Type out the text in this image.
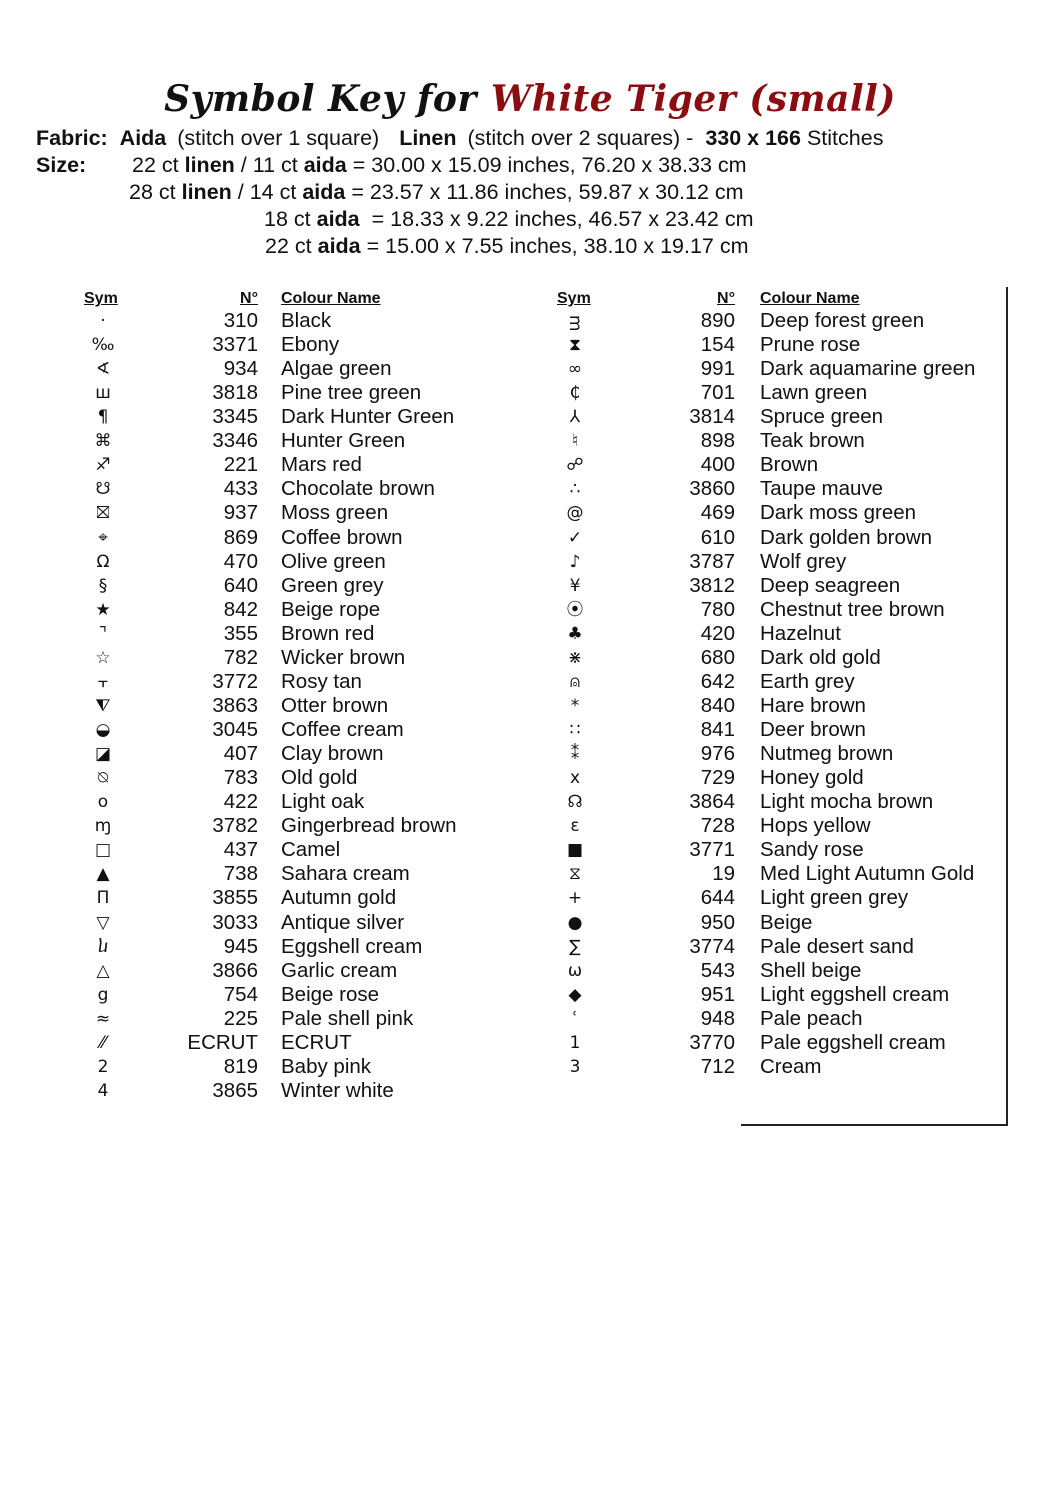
Symbol Key for White Tiger (small)
Fabric: Aida (stitch over 1 square) Linen (stitch over 2 squares) - 330 x 166 Stitches
Size: 22 ct linen / 11 ct aida = 30.00 x 15.09 inches, 76.20 x 38.33 cm
28 ct linen / 14 ct aida = 23.57 x 11.86 inches, 59.87 x 30.12 cm
18 ct aida  = 18.33 x 9.22 inches, 46.57 x 23.42 cm
22 ct aida = 15.00 x 7.55 inches, 38.10 x 19.17 cm
Sym	N° Colour Name	Sym	N° Colour Name
·	310 Black
‰	3371 Ebony
∢	934 Algae green
ш	3818 Pine tree green
¶	3345 Dark Hunter Green
⌘	3346 Hunter Green
♐	221 Mars red
☋	433 Chocolate brown
⛝	937 Moss green
⌖	869 Coffee brown
Ω	470 Olive green
§	640 Green grey
★	842 Beige rope
⌝	355 Brown red
☆	782 Wicker brown
⫟	3772 Rosy tan
⧨	3863 Otter brown
◒	3045 Coffee cream
◪	407 Clay brown
⍉	783 Old gold
o	422 Light oak
ɱ	3782 Gingerbread brown
□	437 Camel
▲	738 Sahara cream
Π	3855 Autumn gold
▽	3033 Antique silver
ⴑ	945 Eggshell cream
△	3866 Garlic cream
g	754 Beige rose
≈	225 Pale shell pink
⁄⁄	ECRUT ECRUT
2	819 Baby pink
4	3865 Winter white
ᴟ	890 Deep forest green
⧗	154 Prune rose
∞	991 Dark aquamarine green
₵	701 Lawn green
⅄	3814 Spruce green
♮	898 Teak brown
☍	400 Brown
∴	3860 Taupe mauve
@	469 Dark moss green
✓	610 Dark golden brown
♪	3787 Wolf grey
¥	3812 Deep seagreen
⦿	780 Chestnut tree brown
♣	420 Hazelnut
⋇	680 Dark old gold
⍝	642 Earth grey
*	840 Hare brown
∷	841 Deer brown
⁑	976 Nutmeg brown
x	729 Honey gold
☊	3864 Light mocha brown
ɛ	728 Hops yellow
■	3771 Sandy rose
⧖	19 Med Light Autumn Gold
+	644 Light green grey
●	950 Beige
∑	3774 Pale desert sand
ω	543 Shell beige
◆	951 Light eggshell cream
ʿ	948 Pale peach
1	3770 Pale eggshell cream
3	712 Cream
